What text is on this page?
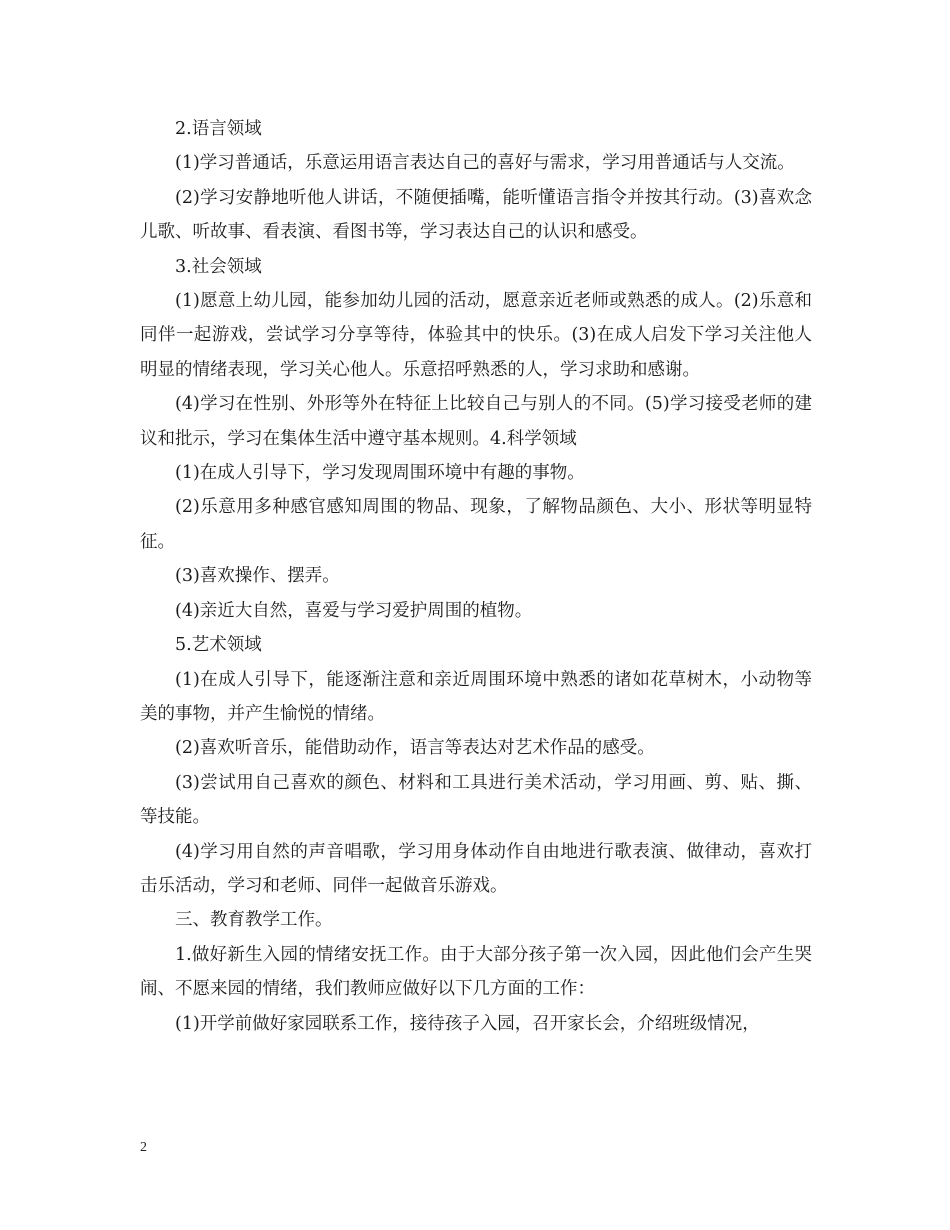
2.语言领域

(1)学习普通话，乐意运用语言表达自己的喜好与需求，学习用普通话与人交流。

(2)学习安静地听他人讲话，不随便插嘴，能听懂语言指令并按其行动。(3)喜欢念儿歌、听故事、看表演、看图书等，学习表达自己的认识和感受。

3.社会领域

(1)愿意上幼儿园，能参加幼儿园的活动，愿意亲近老师或熟悉的成人。(2)乐意和同伴一起游戏，尝试学习分享等待，体验其中的快乐。(3)在成人启发下学习关注他人明显的情绪表现，学习关心他人。乐意招呼熟悉的人，学习求助和感谢。

(4)学习在性别、外形等外在特征上比较自己与别人的不同。(5)学习接受老师的建议和批示，学习在集体生活中遵守基本规则。4.科学领域

(1)在成人引导下，学习发现周围环境中有趣的事物。

(2)乐意用多种感官感知周围的物品、现象，了解物品颜色、大小、形状等明显特征。

(3)喜欢操作、摆弄。

(4)亲近大自然，喜爱与学习爱护周围的植物。

5.艺术领域

(1)在成人引导下，能逐渐注意和亲近周围环境中熟悉的诸如花草树木，小动物等美的事物，并产生愉悦的情绪。

(2)喜欢听音乐，能借助动作，语言等表达对艺术作品的感受。

(3)尝试用自己喜欢的颜色、材料和工具进行美术活动，学习用画、剪、贴、撕、等技能。

(4)学习用自然的声音唱歌，学习用身体动作自由地进行歌表演、做律动，喜欢打击乐活动，学习和老师、同伴一起做音乐游戏。

三、教育教学工作。

1.做好新生入园的情绪安抚工作。由于大部分孩子第一次入园，因此他们会产生哭闹、不愿来园的情绪，我们教师应做好以下几方面的工作：

(1)开学前做好家园联系工作，接待孩子入园，召开家长会，介绍班级情况，

2
